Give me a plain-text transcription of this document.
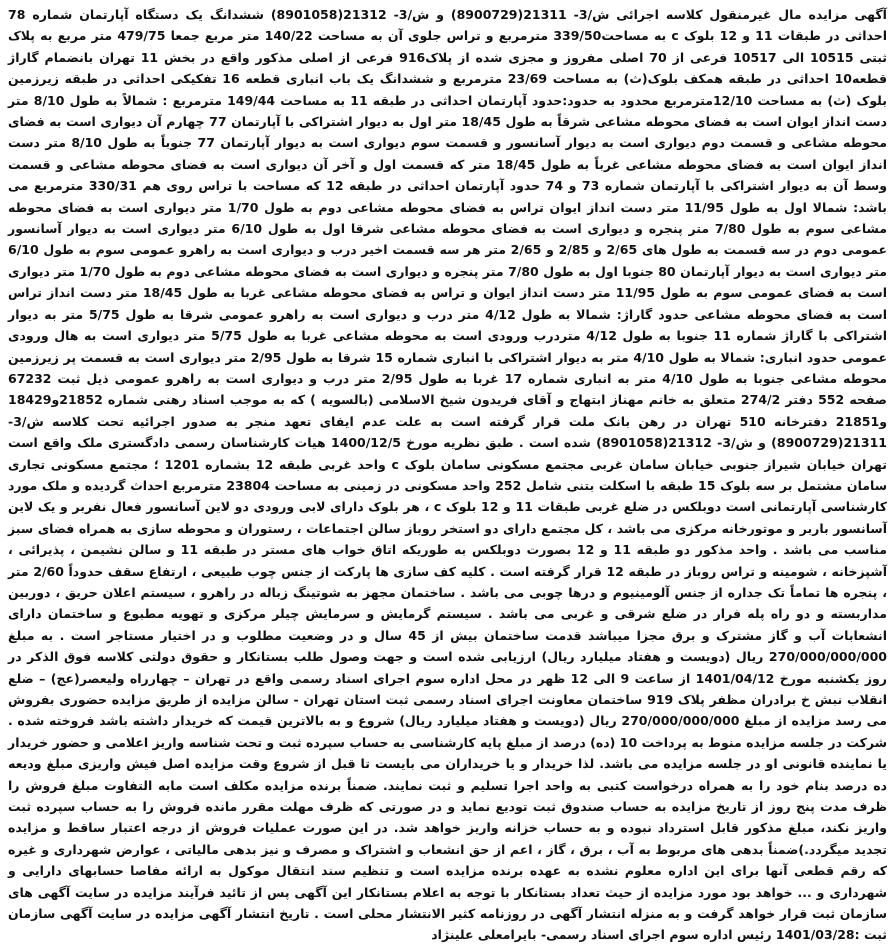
آگهی مزایده مال غیرمنقول کلاسه اجرائی ش/3- 21311(8900729) و ش/3- 21312(8901058) ششدانگ یک دستگاه آپارتمان شماره 78 احداثی در طبقات 11 و 12 بلوک c به مساحت339/50 مترمربع و تراس جلوی آن به مساحت 140/22 متر مربع جمعا 479/75 متر مربع به پلاک ثبتی 10515 الی 10517 فرعی از 70 اصلی مفروز و مجزی شده از پلاک916 فرعی از اصلی مذکور واقع در بخش 11 تهران بانضمام گاراژ قطعه10 احداثی در طبقه همکف بلوک(ث) به مساحت 23/69 مترمربع و ششدانگ یک باب انباری قطعه 16 تفکیکی احداثی در طبقه زیرزمین بلوک (ث) به مساحت 12/10مترمربع محدود به حدود:حدود آپارتمان احداثی در طبقه 11 به مساحت 149/44 مترمربع : شمالاً به طول 8/10 متر دست انداز ایوان است به فضای محوطه مشاعی شرقاً به طول 18/45 متر اول به دیوار اشتراکی با آپارتمان 77 چهارم آن دیواری است به فضای محوطه مشاعی و قسمت دوم دیواری است به دیوار آسانسور و قسمت سوم دیواری است به دیوار آپارتمان 77 جنوباً به طول 8/10 متر دست انداز ایوان است به فضای محوطه مشاعی غرباً به طول 18/45 متر که قسمت اول و آخر آن دیواری است به فضای محوطه مشاعی و قسمت وسط آن به دیوار اشتراکی با آپارتمان شماره 73 و 74 حدود آپارتمان احداثی در طبقه 12 که مساحت با تراس روی هم 330/31 مترمربع می باشد: شمالا اول به طول 11/95 متر دست انداز ایوان تراس به فضای محوطه مشاعی دوم به طول 1/70 متر دیواری است به فضای محوطه مشاعی سوم به طول 7/80 متر پنجره و دیواری است به فضای محوطه مشاعی شرقا اول به طول 6/10 متر دیواری است به دیوار آسانسور عمومی دوم در سه قسمت به طول های 2/65 و 2/85 و 2/65 متر هر سه قسمت اخیر درب و دیواری است به راهرو عمومی سوم به طول 6/10 متر دیواری است به دیوار آپارتمان 80 جنوبا اول به طول 7/80 متر پنجره و دیواری است به فضای محوطه مشاعی دوم به طول 1/70 متر دیواری است به فضای عمومی سوم به طول 11/95 متر دست انداز ایوان و تراس به فضای محوطه مشاعی غربا به طول 18/45 متر دست انداز تراس است به فضای محوطه مشاعی حدود گاراژ: شمالا به طول 4/12 متر درب و دیواری است به راهرو عمومی شرقا به طول 5/75 متر به دیوار اشتراکی با گاراژ شماره 11 جنوبا به طول 4/12 متردرب ورودی است به محوطه مشاعی غربا به طول 5/75 متر دیواری است به هال ورودی عمومی حدود انباری: شمالا به طول 4/10 متر به دیوار اشتراکی با انباری شماره 15 شرقا به طول 2/95 متر دیواری است به قسمت پر زیرزمین محوطه مشاعی جنوبا به طول 4/10 متر به انباری شماره 17 غربا به طول 2/95 متر درب و دیواری است به راهرو عمومی ذیل ثبت 67232 صفحه 552 دفتر 274/2 متعلق به خانم مهناز ابتهاج و آقای فریدون شیخ الاسلامی (بالسویه ) که به موجب اسناد رهنی شماره 21852و18429 و21851 دفترخانه 510 تهران در رهن بانک ملت قرار گرفته است به علت عدم ایفای تعهد منجر به صدور اجرائیه تحت کلاسه ش/3- 21311(8900729) و ش/3- 21312(8901058) شده است . طبق نظریه مورخ 1400/12/5 هیات کارشناسان رسمی دادگستری ملک واقع است تهران خیابان شیراز جنوبی خیابان سامان غربی مجتمع مسکونی سامان بلوک c واحد غربی طبقه 12 بشماره 1201 ؛ مجتمع مسکونی تجاری سامان مشتمل بر سه بلوک 15 طبقه با اسکلت بتنی شامل 252 واحد مسکونی در زمینی به مساحت 23804 مترمربع احداث گردیده و ملک مورد کارشناسی آپارتمانی است دوبلکس در ضلع غربی طبقات 11 و 12 بلوک c ، هر بلوک دارای لابی ورودی دو لاین آسانسور فعال نفربر و یک لاین آسانسور باربر و موتورخانه مرکزی می باشد ، کل مجتمع دارای دو استخر روباز سالن اجتماعات ، رستوران و محوطه سازی به همراه فضای سبز مناسب می باشد . واحد مذکور دو طبقه 11 و 12 بصورت دوبلکس به طوریکه اتاق خواب های مستر در طبقه 11 و سالن نشیمن ، پذیرائی ، آشپزخانه ، شومینه و تراس روباز در طبقه 12 قرار گرفته است . کلیه کف سازی ها پارکت از جنس چوب طبیعی ، ارتفاع سقف حدوداً 2/60 متر ، پنجره ها تماماً تک جداره از جنس آلومینیوم و درها چوبی می باشد . ساختمان مجهز به شوتینگ زباله در راهرو ، سیستم اعلان حریق ، دوربین مداربسته و دو راه پله فرار در ضلع شرقی و غربی می باشد . سیستم گرمایش و سرمایش چیلر مرکزی و تهویه مطبوع و ساختمان دارای انشعابات آب و گاز مشترک و برق مجزا میباشد قدمت ساختمان بیش از 45 سال و در وضعیت مطلوب و در اختیار مستاجر است . به مبلغ 270/000/000/000 ریال (دویست و هفتاد میلیارد ریال) ارزیابی شده است و جهت وصول طلب بستانکار و حقوق دولتی کلاسه فوق الذکر در روز یکشنبه مورخ 1401/04/12 از ساعت 9 الی 12 ظهر در محل اداره سوم اجرای اسناد رسمی واقع در تهران – چهارراه ولیعصر(عج) – ضلع انقلاب نبش خ برادران مظفر پلاک 919 ساختمان معاونت اجرای اسناد رسمی ثبت استان تهران - سالن مزایده از طریق مزایده حضوری بفروش می رسد مزایده از مبلغ 270/000/000/000 ریال (دویست و هفتاد میلیارد ریال) شروع و به بالاترین قیمت که خریدار داشته باشد فروخته شده . شرکت در جلسه مزایده منوط به پرداخت 10 (ده) درصد از مبلغ پایه کارشناسی به حساب سپرده ثبت و تحت شناسه واریز اعلامی و حضور خریدار یا نماینده قانونی او در جلسه مزایده می باشد. لذا خریدار و یا خریداران می بایست تا قبل از شروع وقت مزایده اصل فیش واریزی مبلغ ودیعه ده درصد بنام خود را به همراه درخواست کتبی به واحد اجرا تسلیم و ثبت نمایند. ضمناً برنده مزایده مکلف است مابه التفاوت مبلغ فروش را ظرف مدت پنج روز از تاریخ مزایده به حساب صندوق ثبت تودیع نماید و در صورتی که ظرف مهلت مقرر مانده فروش را به حساب سپرده ثبت واریز نکند، مبلغ مذکور قابل استرداد نبوده و به حساب خزانه واریز خواهد شد. در این صورت عملیات فروش از درجه اعتبار ساقط و مزایده تجدید میگردد.)ضمناً بدهی های مربوط به آب ، برق ، گاز ، اعم از حق انشعاب و اشتراک و مصرف و نیز بدهی مالیاتی ، عوارض شهرداری و غیره که رقم قطعی آنها برای این اداره معلوم نشده به عهده برنده مزایده است و تنظیم سند انتقال موکول به ارائه مفاصا حسابهای دارایی و شهرداری و ... خواهد بود مورد مزایده از حیث تعداد بستانکار با توجه به اعلام بستانکار این آگهی پس از تائید فرآیند مزایده در سایت آگهی های سازمان ثبت قرار خواهد گرفت و به منزله انتشار آگهی در روزنامه کثیر الانتشار محلی است . تاریخ انتشار آگهی مزایده در سایت آگهی سازمان ثبت :1401/03/28 رئیس اداره سوم اجرای اسناد رسمی- بایرامعلی علینژاد
